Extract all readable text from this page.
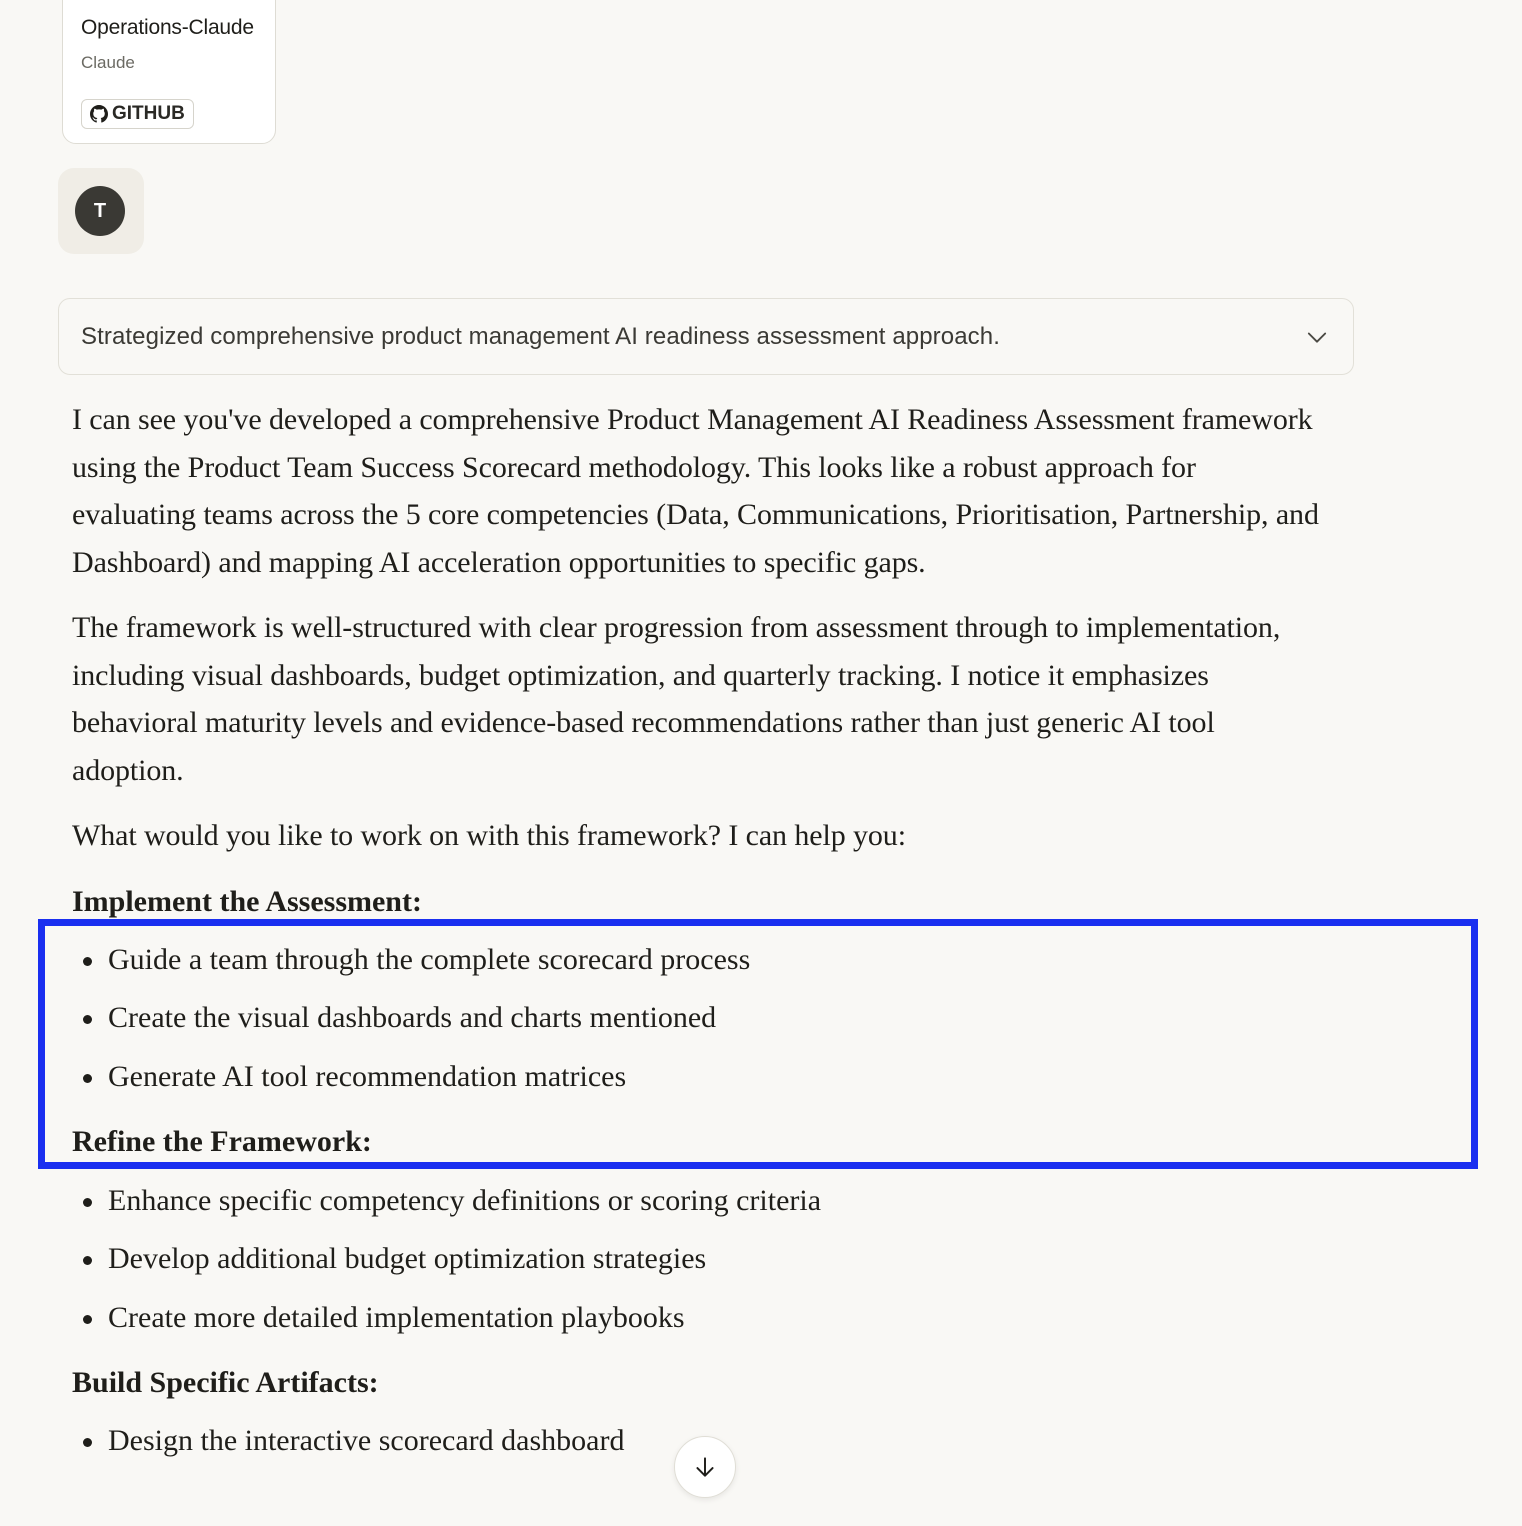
Operations-Claude
Claude
GITHUB
T
Strategized comprehensive product management AI readiness assessment approach.

I can see you've developed a comprehensive Product Management AI Readiness Assessment framework using the Product Team Success Scorecard methodology. This looks like a robust approach for evaluating teams across the 5 core competencies (Data, Communications, Prioritisation, Partnership, and Dashboard) and mapping AI acceleration opportunities to specific gaps.

The framework is well-structured with clear progression from assessment through to implementation, including visual dashboards, budget optimization, and quarterly tracking. I notice it emphasizes behavioral maturity levels and evidence-based recommendations rather than just generic AI tool adoption.

What would you like to work on with this framework? I can help you:

Implement the Assessment:
Guide a team through the complete scorecard process
Create the visual dashboards and charts mentioned
Generate AI tool recommendation matrices
Refine the Framework:
Enhance specific competency definitions or scoring criteria
Develop additional budget optimization strategies
Create more detailed implementation playbooks
Build Specific Artifacts:
Design the interactive scorecard dashboard
